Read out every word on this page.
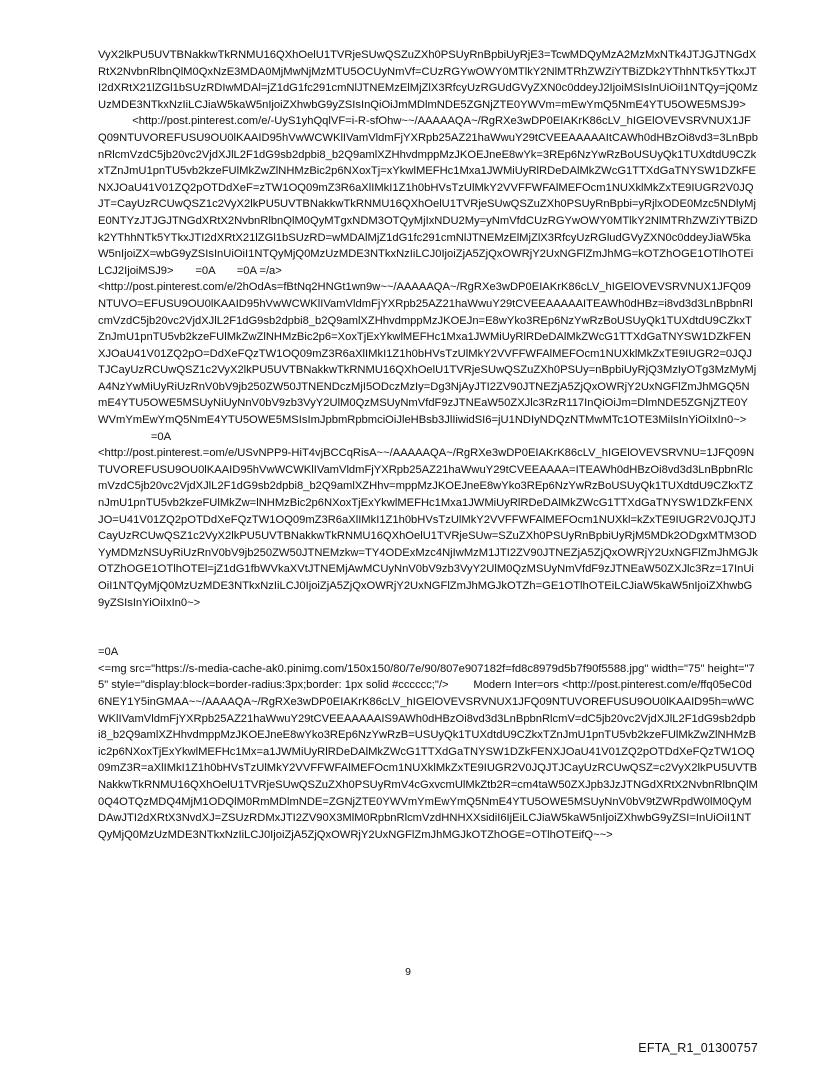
VyX2lkPU5UVTBNakkwTkRNMU16QXhOelU1TVRjeSUwQSZuZXh0PSUyRnBpbiUyRjE3=TcwMDQyMzA2MzMxNTk4JTJGJTNGdXRtX2NvbnRlbnQlM0QxNzE3MDA0MjMwNjMzMTU5OCUyNmVf=CUzRGYwOWY0MTlkY2NlMTRhZWZiYTBiZDk2YThhNTk5YTkxJTI2dXRtX21lZGl1bSUzRDIwMDAl=jZ1dG1fc291cmNlJTNEMzElMjZlX3RfcyUzRGUdGVyZXN0c0ddeyJ2IjoiMSIsInUiOiI1NTQy=jQ0MzUzMDE3NTkxNzIiLCJiaW5kaW5nIjoiZXhwbG9yZSIsInQiOiJmMDlmNDE5ZGNjZTE0YWVm=mEwYmQ5NmE4YTU5OWE5MSJ9>            <http://post.pinterest.com/e/-UyS1yhQqlVF=i-R-sfOhw~~/AAAAAQA~/RgRXe3wDP0EIAKrK86cLV_hIGElOVEVSRVNUX1JFQ09NTUVOREFUSU9OU0lKAAID95hVwWCWKlIVamVldmFjYXRpb25AZ21haWwuY29tCVEEAAAAAItCAWh0dHBzOi8vd3=3LnBpbnRlcmVzdC5jb20vc2VjdXJlL2F1dG9sb2dpbi8_b2Q9amlXZHhvdmppMzJKOEJneE8wYk=3REp6NzYwRzBoUSUyQk1TUXdtdU9CZkxTZnJmU1pnTU5vb2kzeFUlMkZwZlNHMzBic2p6NXoxTj=xYkwlMEFHc1Mxa1JWMiUyRlRDeDAlMkZWcG1TTXdGaTNYSW1DZkFENXJOaU41V01ZQ2pOTDdXeF=zTW1OQ09mZ3R6aXlIMkI1Z1h0bHVsTzUlMkY2VVFFWFAlMEFOcm1NUXklMkZxTE9IUGR2V0JQJT=CayUzRCUwQSZ1c2VyX2lkPU5UVTBNakkwTkRNMU16QXhOelU1TVRjeSUwQSZuZXh0PSUyRnBpbi=yRjlxODE0Mzc5NDlyMjE0NTYzJTJGJTNGdXRtX2NvbnRlbnQlM0QyMTgxNDM3OTQyMjIxNDU2My=yNmVfdCUzRGYwOWY0MTlkY2NlMTRhZWZiYTBiZDk2YThhNTk5YTkxJTI2dXRtX21lZGl1bSUzRD=wMDAlMjZ1dG1fc291cmNlJTNEMzElMjZlX3RfcyUzRGludGVyZXN0c0ddeyJiaW5kaW5nIjoiZX=wbG9yZSIsInUiOiI1NTQyMjQ0MzUzMDE3NTkxNzIiLCJ0IjoiZjA5ZjQxOWRjY2UxNGFlZmJhMG=kOTZhOGE1OTlhOTEiLCJ2IjoiMSJ9> =0A =0A =/a>

<http://post.pinterest.com/e/2hOdAs=fBtNq2HNGt1wn9w~~/AAAAAQA~/RgRXe3wDP0EIAKrK86cLV_hIGElOVEVSRVNUX1JFQ09NTUVO=EFUSU9OU0lKAAID95hVwWCWKlIVamVldmFjYXRpb25AZ21haWwuY29tCVEEAAAAAITEAWh0dHBz=i8vd3d3LnBpbnRlcmVzdC5jb20vc2VjdXJlL2F1dG9sb2dpbi8_b2Q9amlXZHhvdmppMzJKOEJn=E8wYko3REp6NzYwRzBoUSUyQk1TUXdtdU9CZkxTZnJmU1pnTU5vb2kzeFUlMkZwZlNHMzBic2p6=XoxTjExYkwlMEFHc1Mxa1JWMiUyRlRDeDAlMkZWcG1TTXdGaTNYSW1DZkFENXJOaU41V01ZQ2pO=DdXeFQzTW1OQ09mZ3R6aXlIMkI1Z1h0bHVsTzUlMkY2VVFFWFAlMEFOcm1NUXklMkZxTE9IUGR2=0JQJTJCayUzRCUwQSZ1c2VyX2lkPU5UVTBNakkwTkRNMU16QXhOelU1TVRjeSUwQSZuZXh0PSUy=nBpbiUyRjQ3MzIyOTg3MzMyMjA4NzYwMiUyRiUzRnV0bV9jb250ZW50JTNENDczMjI5ODczMzIy=Dg3NjAyJTI2ZV90JTNEZjA5ZjQxOWRjY2UxNGFlZmJhMGQ5NmE4YTU5OWE5MSUyNiUyNnV0bV9zb3VyY2UlM0QzMSUyNmVfdF9zJTNEaW50ZXJlc3RzR117InQiOiJm=DlmNDE5ZGNjZTE0YWVmYmEwYmQ5NmE4YTU5OWE5MSIsImJpbmRpbmciOiJleHBsb3JlIiwidSI6=jU1NDIyNDQzNTMwMTc1OTE3MiIsInYiOiIxIn0~>                  =0A

<http://post.pinterest.=om/e/USvNPP9-HiT4vjBCCqRisA~~/AAAAAQA~/RgRXe3wDP0EIAKrK86cLV_hIGElOVEVSRVNU=1JFQ09NTUVOREFUSU9OU0lKAAID95hVwWCWKlIVamVldmFjYXRpb25AZ21haWwuY29tCVEEAAAA=ITEAWh0dHBzOi8vd3d3LnBpbnRlcmVzdC5jb20vc2VjdXJlL2F1dG9sb2dpbi8_b2Q9amlXZHhv=mppMzJKOEJneE8wYko3REp6NzYwRzBoUSUyQk1TUXdtdU9CZkxTZnJmU1pnTU5vb2kzeFUlMkZw=lNHMzBic2p6NXoxTjExYkwlMEFHc1Mxa1JWMiUyRlRDeDAlMkZWcG1TTXdGaTNYSW1DZkFENXJO=U41V01ZQ2pOTDdXeFQzTW1OQ09mZ3R6aXlIMkI1Z1h0bHVsTzUlMkY2VVFFWFAlMEFOcm1NUXkl=kZxTE9IUGR2V0JQJTJCayUzRCUwQSZ1c2VyX2lkPU5UVTBNakkwTkRNMU16QXhOelU1TVRjeSUw=SZuZXh0PSUyRnBpbiUyRjM5MDk2ODgxMTM3ODYyMDMzNSUyRiUzRnV0bV9jb250ZW50JTNEMzkw=TY4ODExMzc4NjIwMzM1JTI2ZV90JTNEZjA5ZjQxOWRjY2UxNGFlZmJhMGJkOTZhOGE1OTlhOTEl=jZ1dG1fbWVkaXVtJTNEMjAwMCUyNnV0bV9zb3VyY2UlM0QzMSUyNmVfdF9zJTNEaW50ZXJlc3Rz=17InUiOiI1NTQyMjQ0MzUzMDE3NTkxNzIiLCJ0IjoiZjA5ZjQxOWRjY2UxNGFlZmJhMGJkOTZh=GE1OTlhOTEiLCJiaW5kaW5nIjoiZXhwbG9yZSIsInYiOiIxIn0~>

=0A

<=mg src="https://s-media-cache-ak0.pinimg.com/150x150/80/7e/90/807e907182f=fd8c8979d5b7f90f5588.jpg" width="75" height="75" style="display:block=border-radius:3px;border: 1px solid #cccccc;"/> Modern Inter=ors <http://post.pinterest.com/e/ffq05eC0d6NEY1Y5inGMAA~~/AAAAQA~/RgRXe3wDP0EIAKrK86cLV_hIGElOVEVSRVNUX1JFQ09NTUVOREFUSU9OU0lKAAID95h=wWCWKlIVamVldmFjYXRpb25AZ21haWwuY29tCVEEAAAAAIS9AWh0dHBzOi8vd3d3LnBpbnRlcmV=dC5jb20vc2VjdXJlL2F1dG9sb2dpbi8_b2Q9amlXZHhvdmppMzJKOEJneE8wYko3REp6NzYwRzB=USUyQk1TUXdtdU9CZkxTZnJmU1pnTU5vb2kzeFUlMkZwZlNHMzBic2p6NXoxTjExYkwlMEFHc1Mx=a1JWMiUyRlRDeDAlMkZWcG1TTXdGaTNYSW1DZkFENXJOaU41V01ZQ2pOTDdXeFQzTW1OQ09mZ3R=aXlIMkI1Z1h0bHVsTzUlMkY2VVFFWFAlMEFOcm1NUXklMkZxTE9IUGR2V0JQJTJCayUzRCUwQSZ=c2VyX2lkPU5UVTBNakkwTkRNMU16QXhOelU1TVRjeSUwQSZuZXh0PSUyRmV4cGxvcmUlMkZtb2R=cm4taW50ZXJpb3JzJTNGdXRtX2NvbnRlbnQlM0Q4OTQzMDQ4MjM1ODQlM0RmMDlmNDE=ZGNjZTE0YWVmYmEwYmQ5NmE4YTU5OWE5MSUyNnV0bV9tZWRpdW0lM0QyMDAwJTI2dXRtX3NvdXJ=ZSUzRDMxJTI2ZV90X3MlM0RpbnRlcmVzdHNHXXsidiI6IjEiLCJiaW5kaW5nIjoiZXhwbG9yZSI=InUiOiI1NTQyMjQ0MzUzMDE3NTkxNzIiLCJ0IjoiZjA5ZjQxOWRjY2UxNGFlZmJhMGJkOTZhOGE=OTlhOTEifQ~~>

9
EFTA_R1_01300757
